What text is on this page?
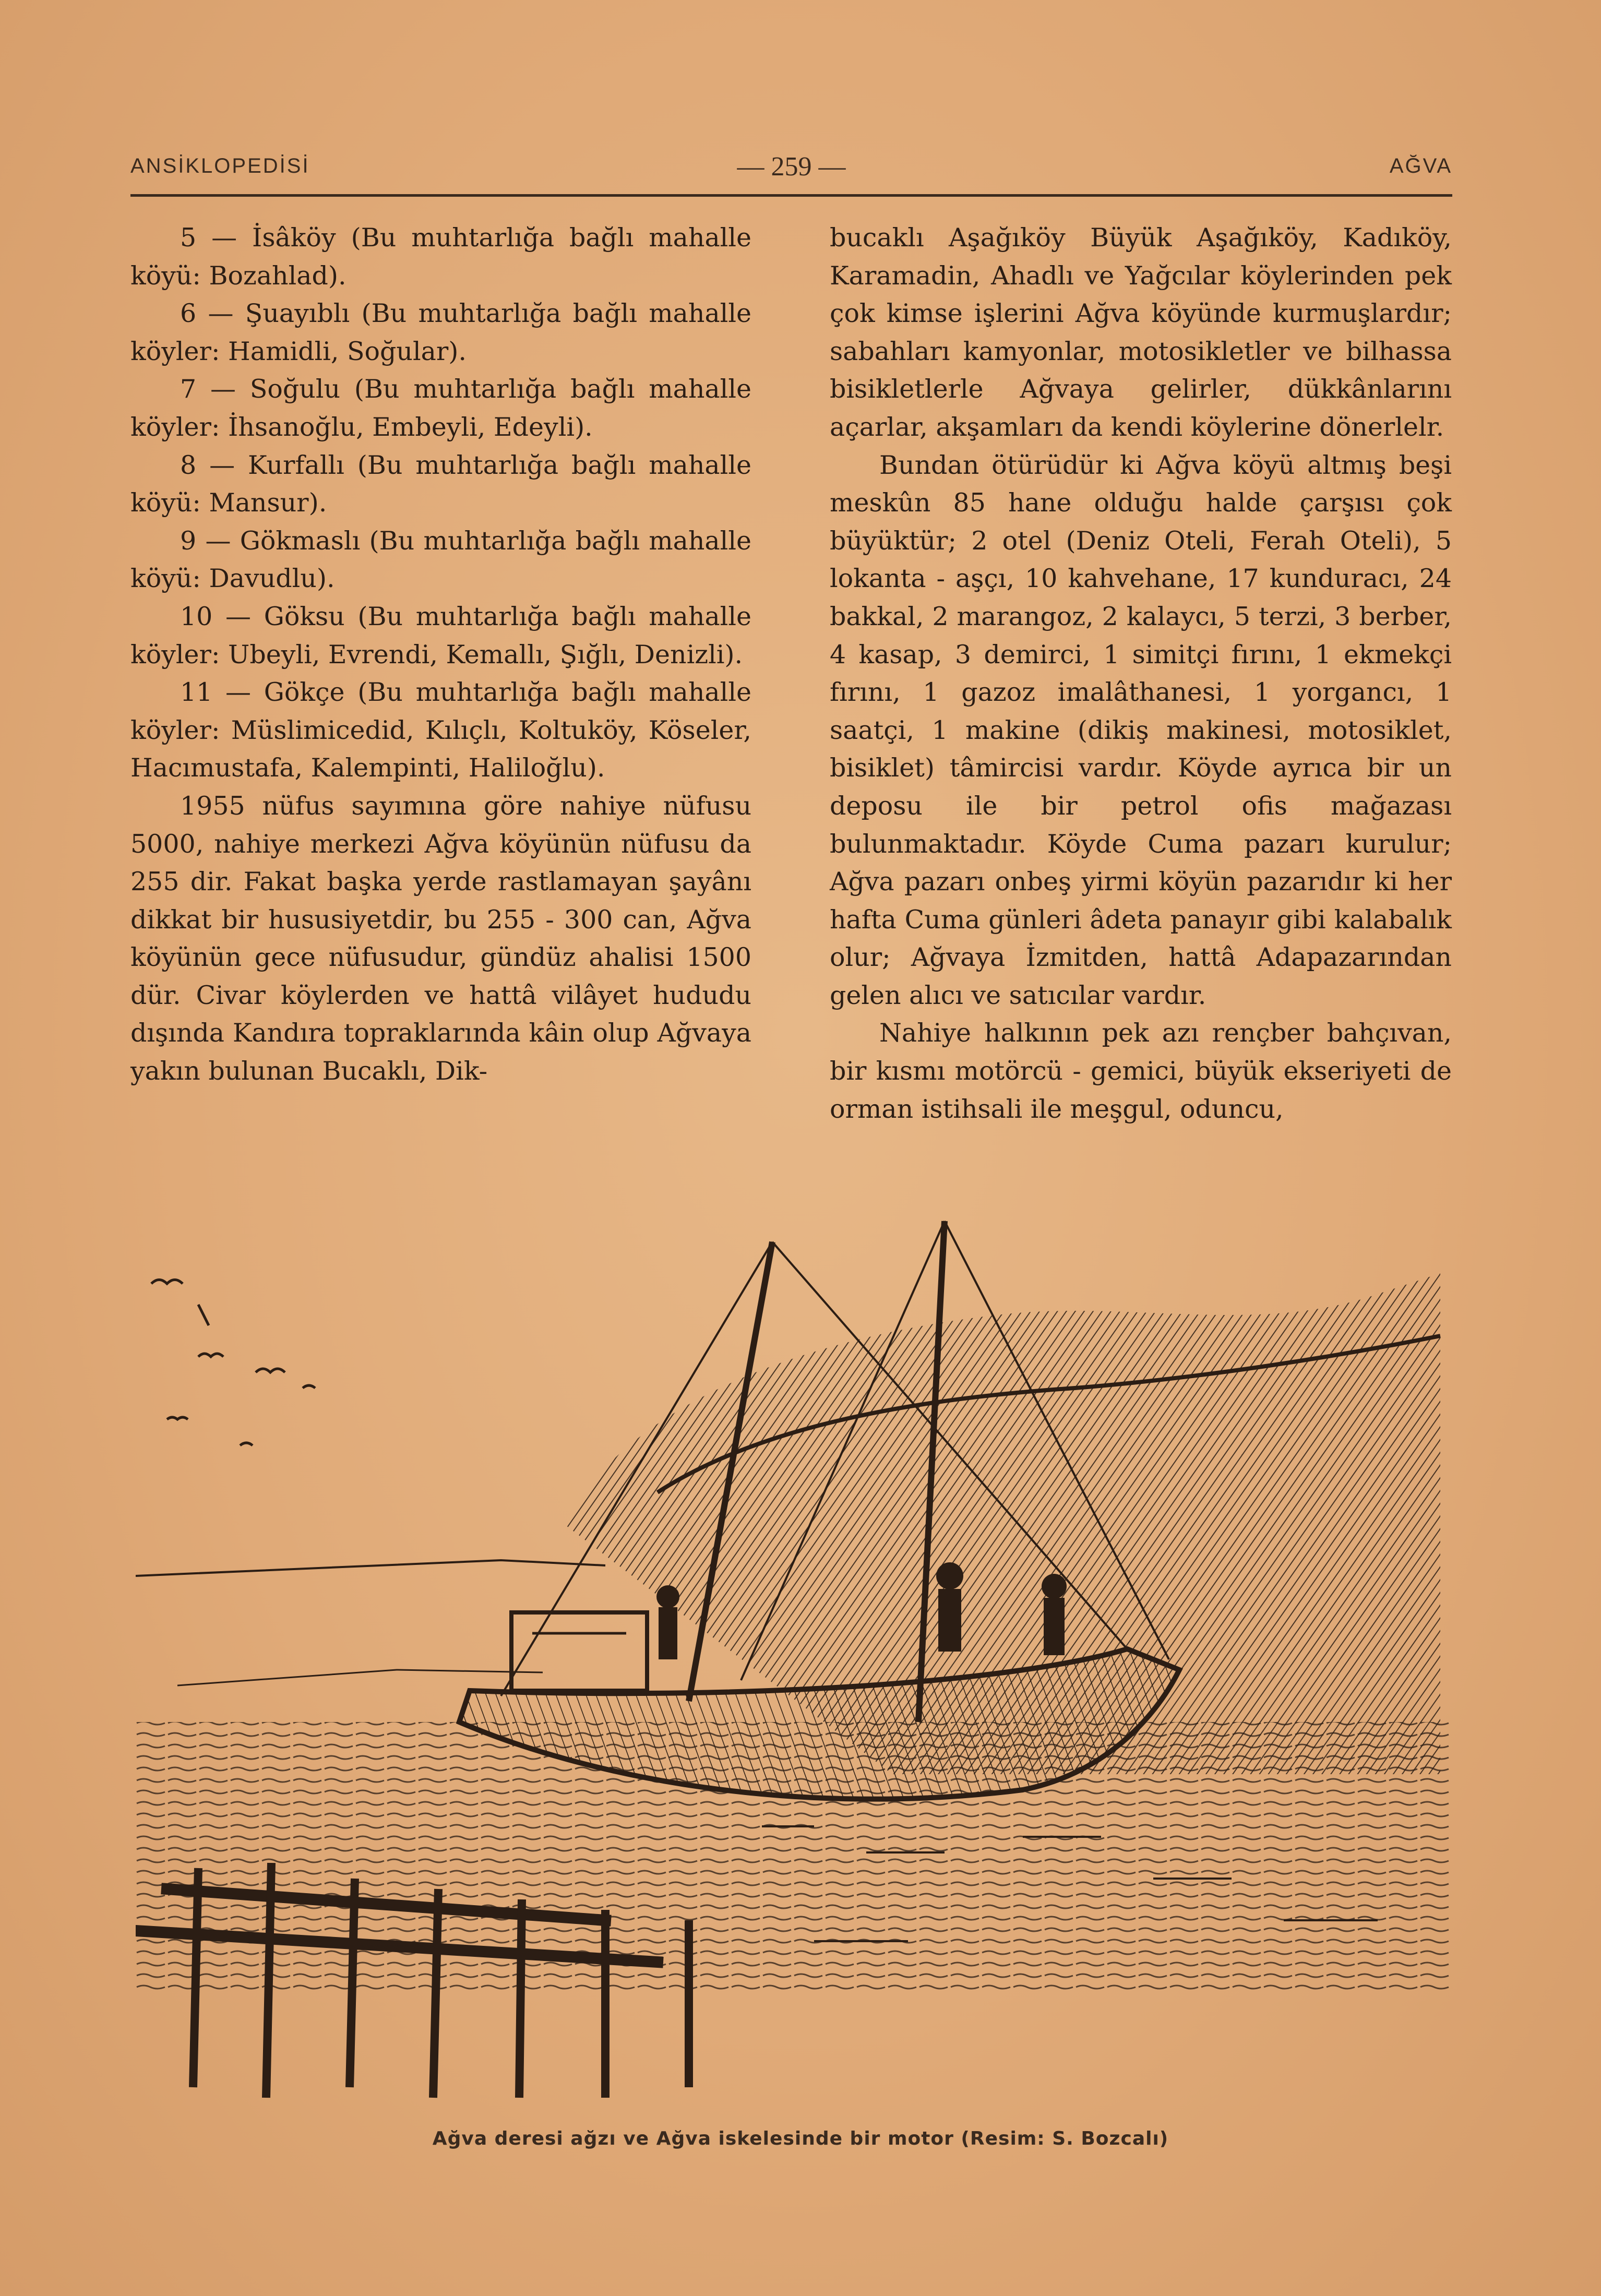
ANSİKLOPEDİSİ	— 259 —	AĞVA

5 — İsâköy (Bu muhtarlığa bağlı mahalle köyü: Bozahlad).

6 — Şuayıblı (Bu muhtarlığa bağlı mahalle köyler: Hamidli, Soğular).

7 — Soğulu (Bu muhtarlığa bağlı mahalle köyler: İhsanoğlu, Embeyli, Edeyli).

8 — Kurfallı (Bu muhtarlığa bağlı mahalle köyü: Mansur).

9 — Gökmaslı (Bu muhtarlığa bağlı mahalle köyü: Davudlu).

10 — Göksu (Bu muhtarlığa bağlı mahalle köyler: Ubeyli, Evrendi, Kemallı, Şığlı, Denizli).

11 — Gökçe (Bu muhtarlığa bağlı mahalle köyler: Müslimicedid, Kılıçlı, Koltuköy, Köseler, Hacımustafa, Kalempinti, Haliloğlu).

1955 nüfus sayımına göre nahiye nüfusu 5000, nahiye merkezi Ağva köyünün nüfusu da 255 dir. Fakat başka yerde rastlamayan şayânı dikkat bir hususiyetdir, bu 255 - 300 can, Ağva köyünün gece nüfusudur, gündüz ahalisi 1500 dür. Civar köylerden ve hattâ vilâyet hududu dışında Kandıra topraklarında kâin olup Ağvaya yakın bulunan Bucaklı, Dik-

bucaklı Aşağıköy Büyük Aşağıköy, Kadıköy, Karamadin, Ahadlı ve Yağcılar köylerinden pek çok kimse işlerini Ağva köyünde kurmuşlardır; sabahları kamyonlar, motosikletler ve bilhassa bisikletlerle Ağvaya gelirler, dükkânlarını açarlar, akşamları da kendi köylerine dönerlelr.

Bundan ötürüdür ki Ağva köyü altmış beşi meskûn 85 hane olduğu halde çarşısı çok büyüktür; 2 otel (Deniz Oteli, Ferah Oteli), 5 lokanta - aşçı, 10 kahvehane, 17 kunduracı, 24 bakkal, 2 marangoz, 2 kalaycı, 5 terzi, 3 berber, 4 kasap, 3 demirci, 1 simitçi fırını, 1 ekmekçi fırını, 1 gazoz imalâthanesi, 1 yorgancı, 1 saatçi, 1 makine (dikiş makinesi, motosiklet, bisiklet) tâmircisi vardır. Köyde ayrıca bir un deposu ile bir petrol ofis mağazası bulunmaktadır. Köyde Cuma pazarı kurulur; Ağva pazarı onbeş yirmi köyün pazarıdır ki her hafta Cuma günleri âdeta panayır gibi kalabalık olur; Ağvaya İzmitden, hattâ Adapazarından gelen alıcı ve satıcılar vardır.

Nahiye halkının pek azı rençber bahçıvan, bir kısmı motörcü - gemici, büyük ekseriyeti de orman istihsali ile meşgul, oduncu,

Ağva deresi ağzı ve Ağva iskelesinde bir motor (Resim: S. Bozcalı)
